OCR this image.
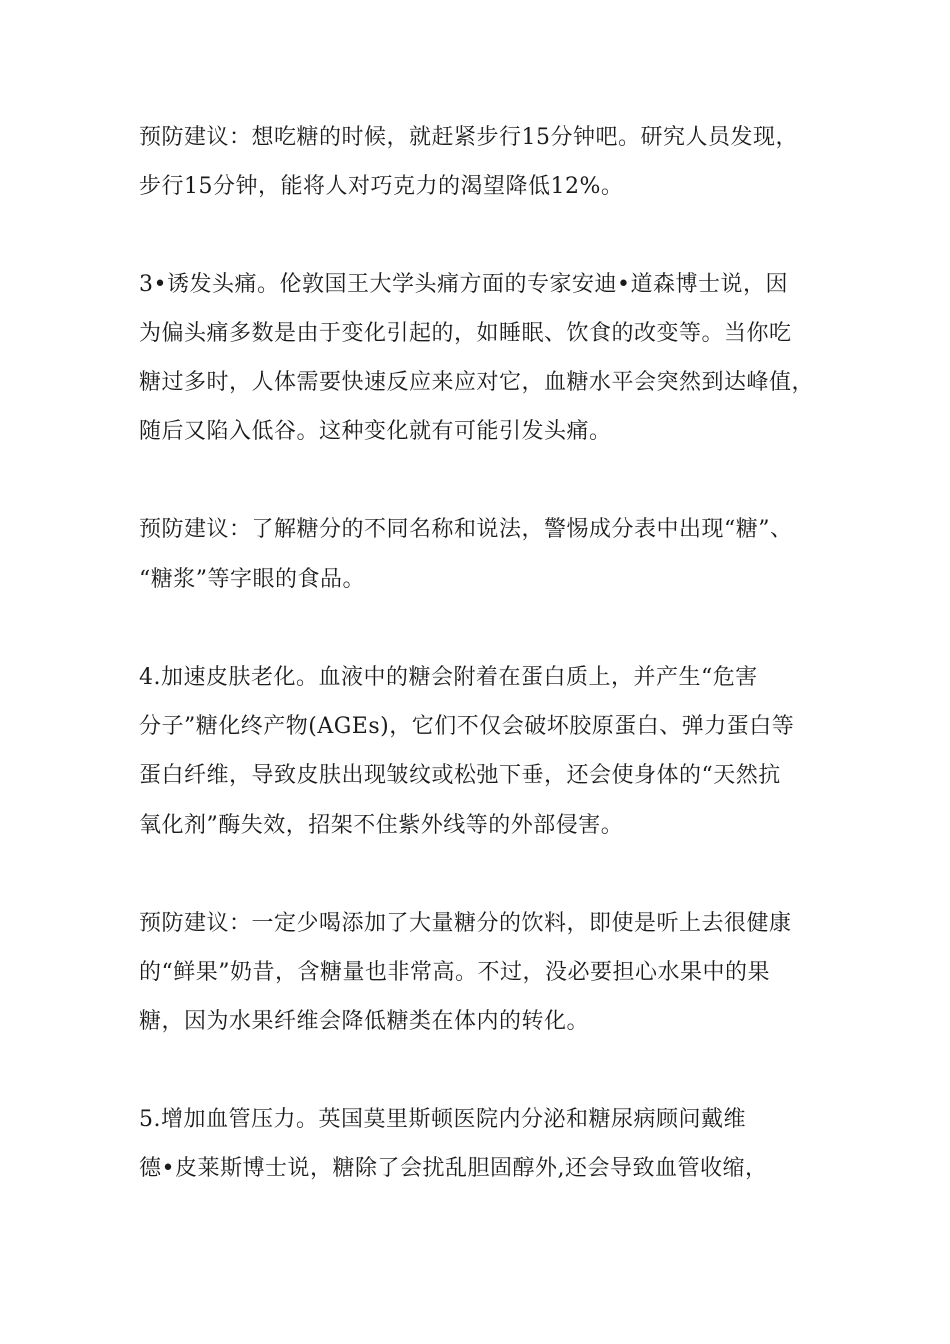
预防建议：想吃糖的时候，就赶紧步行15分钟吧。研究人员发现，
步行15分钟，能将人对巧克力的渴望降低12%。
3•诱发头痛。伦敦国王大学头痛方面的专家安迪•道森博士说，因
为偏头痛多数是由于变化引起的，如睡眠、饮食的改变等。当你吃
糖过多时，人体需要快速反应来应对它，血糖水平会突然到达峰值，
随后又陷入低谷。这种变化就有可能引发头痛。
预防建议：了解糖分的不同名称和说法，警惕成分表中出现“糖”、
“糖浆”等字眼的食品。
4.加速皮肤老化。血液中的糖会附着在蛋白质上，并产生“危害
分子”糖化终产物(AGEs)，它们不仅会破坏胶原蛋白、弹力蛋白等
蛋白纤维，导致皮肤出现皱纹或松弛下垂，还会使身体的“天然抗
氧化剂”酶失效，招架不住紫外线等的外部侵害。
预防建议：一定少喝添加了大量糖分的饮料，即使是听上去很健康
的“鲜果”奶昔，含糖量也非常高。不过，没必要担心水果中的果
糖，因为水果纤维会降低糖类在体内的转化。
5.增加血管压力。英国莫里斯顿医院内分泌和糖尿病顾问戴维
德•皮莱斯博士说，糖除了会扰乱胆固醇外,还会导致血管收缩，
